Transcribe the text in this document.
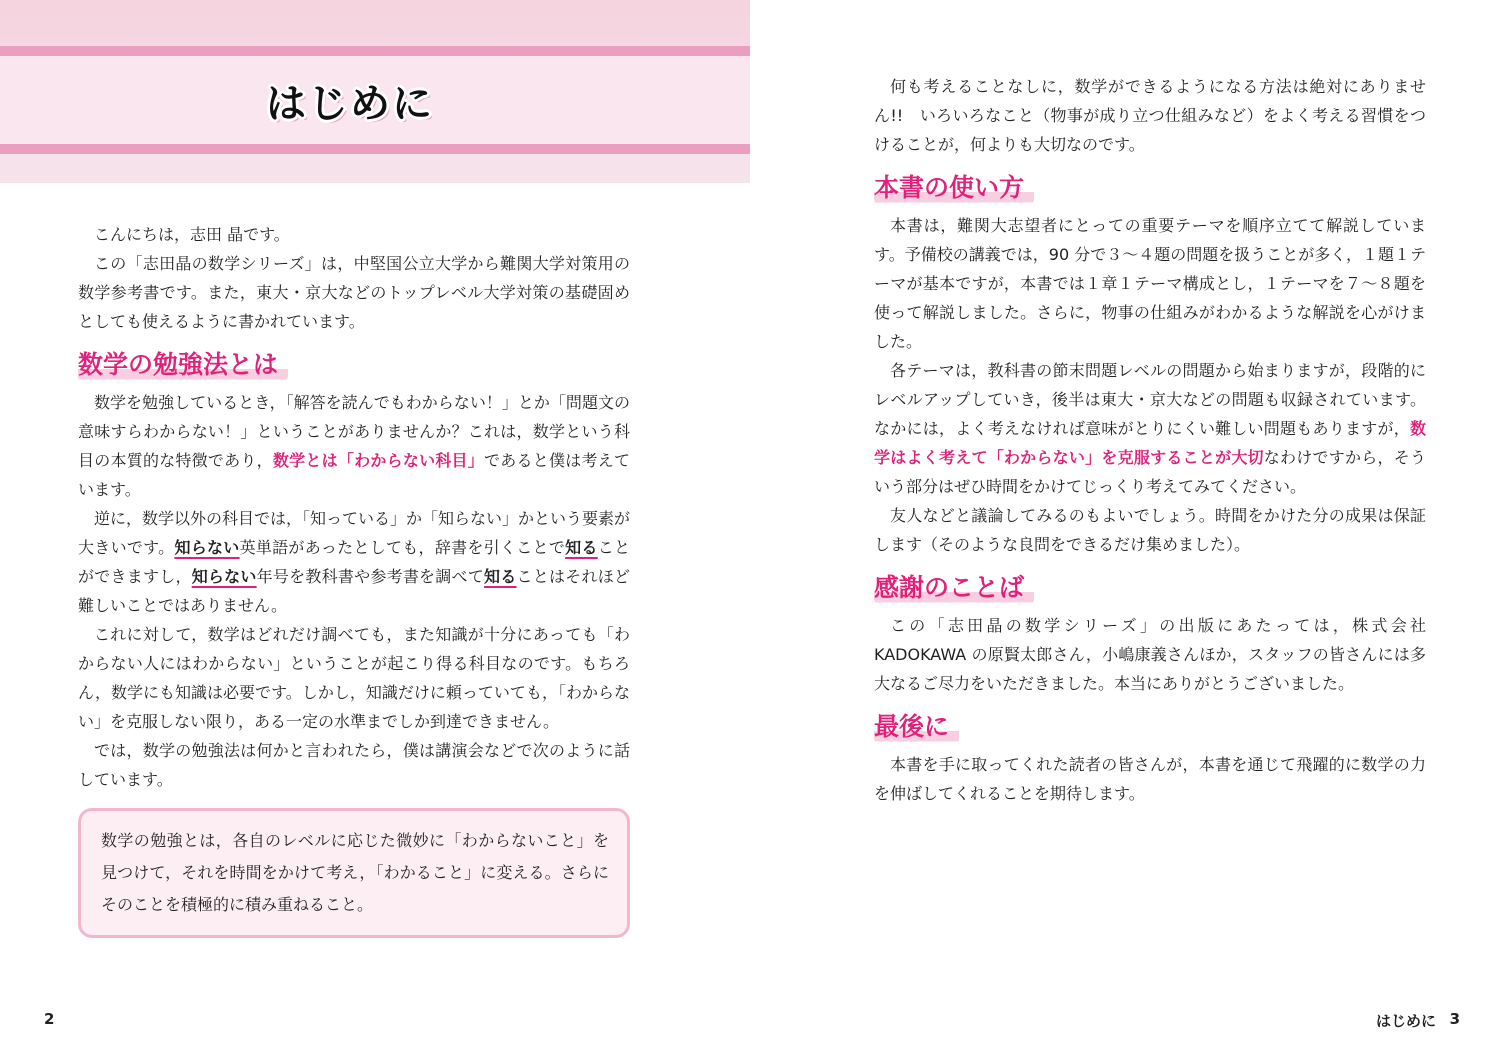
はじめに

こんにちは，志田 晶です。

この「志田晶の数学シリーズ」は，中堅国公立大学から難関大学対策用の数学参考書です。また，東大・京大などのトップレベル大学対策の基礎固めとしても使えるように書かれています。

数学の勉強法とは

数学を勉強しているとき，「解答を読んでもわからない！」とか「問題文の意味すらわからない！」ということがありませんか？これは，数学という科目の本質的な特徴であり，数学とは「わからない科目」であると僕は考えています。

逆に，数学以外の科目では，「知っている」か「知らない」かという要素が大きいです。知らない英単語があったとしても，辞書を引くことで知ることができますし，知らない年号を教科書や参考書を調べて知ることはそれほど難しいことではありません。

これに対して，数学はどれだけ調べても，また知識が十分にあっても「わからない人にはわからない」ということが起こり得る科目なのです。もちろん，数学にも知識は必要です。しかし，知識だけに頼っていても，「わからない」を克服しない限り，ある一定の水準までしか到達できません。

では，数学の勉強法は何かと言われたら，僕は講演会などで次のように話しています。

数学の勉強とは，各自のレベルに応じた微妙に「わからないこと」を見つけて，それを時間をかけて考え，「わかること」に変える。さらにそのことを積極的に積み重ねること。

2

何も考えることなしに，数学ができるようになる方法は絶対にありません!!　いろいろなこと（物事が成り立つ仕組みなど）をよく考える習慣をつけることが，何よりも大切なのです。

本書の使い方

本書は，難関大志望者にとっての重要テーマを順序立てて解説しています。予備校の講義では，90 分で３～４題の問題を扱うことが多く，１題１テーマが基本ですが，本書では１章１テーマ構成とし，１テーマを７～８題を使って解説しました。さらに，物事の仕組みがわかるような解説を心がけました。

各テーマは，教科書の節末問題レベルの問題から始まりますが，段階的にレベルアップしていき，後半は東大・京大などの問題も収録されています。なかには，よく考えなければ意味がとりにくい難しい問題もありますが，数学はよく考えて「わからない」を克服することが大切なわけですから，そういう部分はぜひ時間をかけてじっくり考えてみてください。

友人などと議論してみるのもよいでしょう。時間をかけた分の成果は保証します（そのような良問をできるだけ集めました）。

感謝のことば

この「志田晶の数学シリーズ」の出版にあたっては，株式会社 KADOKAWA の原賢太郎さん，小嶋康義さんほか，スタッフの皆さんには多大なるご尽力をいただきました。本当にありがとうございました。

最後に

本書を手に取ってくれた読者の皆さんが，本書を通じて飛躍的に数学の力を伸ばしてくれることを期待します。

はじめに 3
